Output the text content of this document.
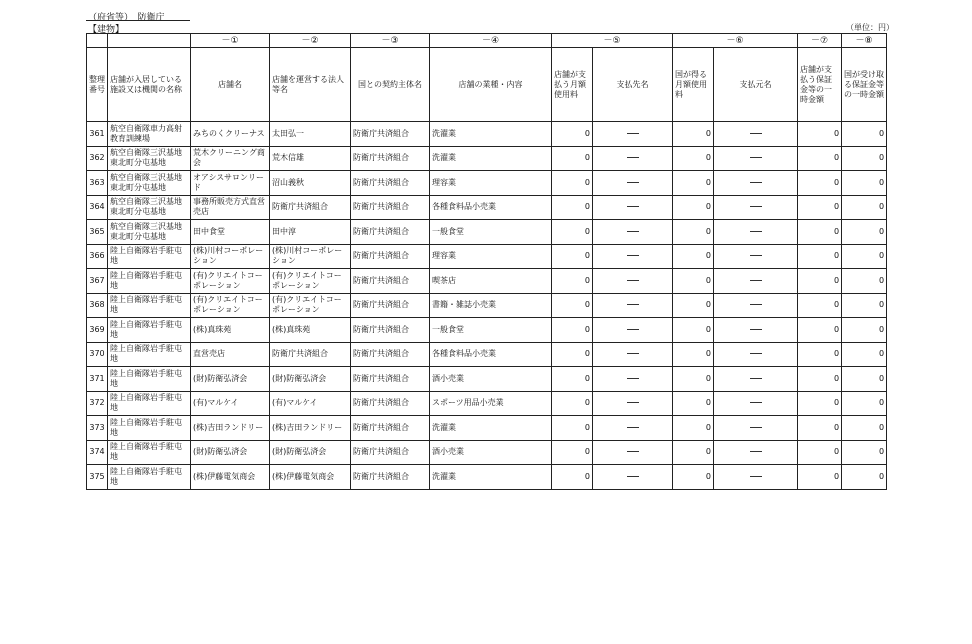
（府省等）　防衛庁
【建物】	（単位：円）
		－①	－②	－③	－④	－⑤		－⑥		－⑦	－⑧
整理番号	店舗が入居している施設又は機関の名称	店舗名	店舗を運営する法人等名	国との契約主体名	店舗の業種・内容	店舗が支払う月額使用料	支払先名	国が得る月額使用料	支払元名	店舗が支払う保証金等の一時金額	国が受け取る保証金等の一時金額
361	航空自衛隊車力高射教育訓練場	みちのくクリーナス	太田弘一	防衛庁共済組合	洗濯業	0		0		0	0
362	航空自衛隊三沢基地東北町分屯基地	荒木クリーニング商会	荒木信雄	防衛庁共済組合	洗濯業	0		0		0	0
363	航空自衛隊三沢基地東北町分屯基地	オアシスサロンリード	沼山義秋	防衛庁共済組合	理容業	0		0		0	0
364	航空自衛隊三沢基地東北町分屯基地	事務所販売方式直営売店	防衛庁共済組合	防衛庁共済組合	各種食料品小売業	0		0		0	0
365	航空自衛隊三沢基地東北町分屯基地	田中食堂	田中淳	防衛庁共済組合	一般食堂	0		0		0	0
366	陸上自衛隊岩手駐屯地	(株)川村コーポレーション	(株)川村コーポレーション	防衛庁共済組合	理容業	0		0		0	0
367	陸上自衛隊岩手駐屯地	(有)クリエイトコーポレーション	(有)クリエイトコーポレーション	防衛庁共済組合	喫茶店	0		0		0	0
368	陸上自衛隊岩手駐屯地	(有)クリエイトコーポレーション	(有)クリエイトコーポレーション	防衛庁共済組合	書籍・雑誌小売業	0		0		0	0
369	陸上自衛隊岩手駐屯地	(株)真珠苑	(株)真珠苑	防衛庁共済組合	一般食堂	0		0		0	0
370	陸上自衛隊岩手駐屯地	直営売店	防衛庁共済組合	防衛庁共済組合	各種食料品小売業	0		0		0	0
371	陸上自衛隊岩手駐屯地	(財)防衛弘済会	(財)防衛弘済会	防衛庁共済組合	酒小売業	0		0		0	0
372	陸上自衛隊岩手駐屯地	(有)マルケイ	(有)マルケイ	防衛庁共済組合	スポーツ用品小売業	0		0		0	0
373	陸上自衛隊岩手駐屯地	(株)吉田ランドリー	(株)吉田ランドリー	防衛庁共済組合	洗濯業	0		0		0	0
374	陸上自衛隊岩手駐屯地	(財)防衛弘済会	(財)防衛弘済会	防衛庁共済組合	酒小売業	0		0		0	0
375	陸上自衛隊岩手駐屯地	(株)伊藤電気商会	(株)伊藤電気商会	防衛庁共済組合	洗濯業	0		0		0	0
